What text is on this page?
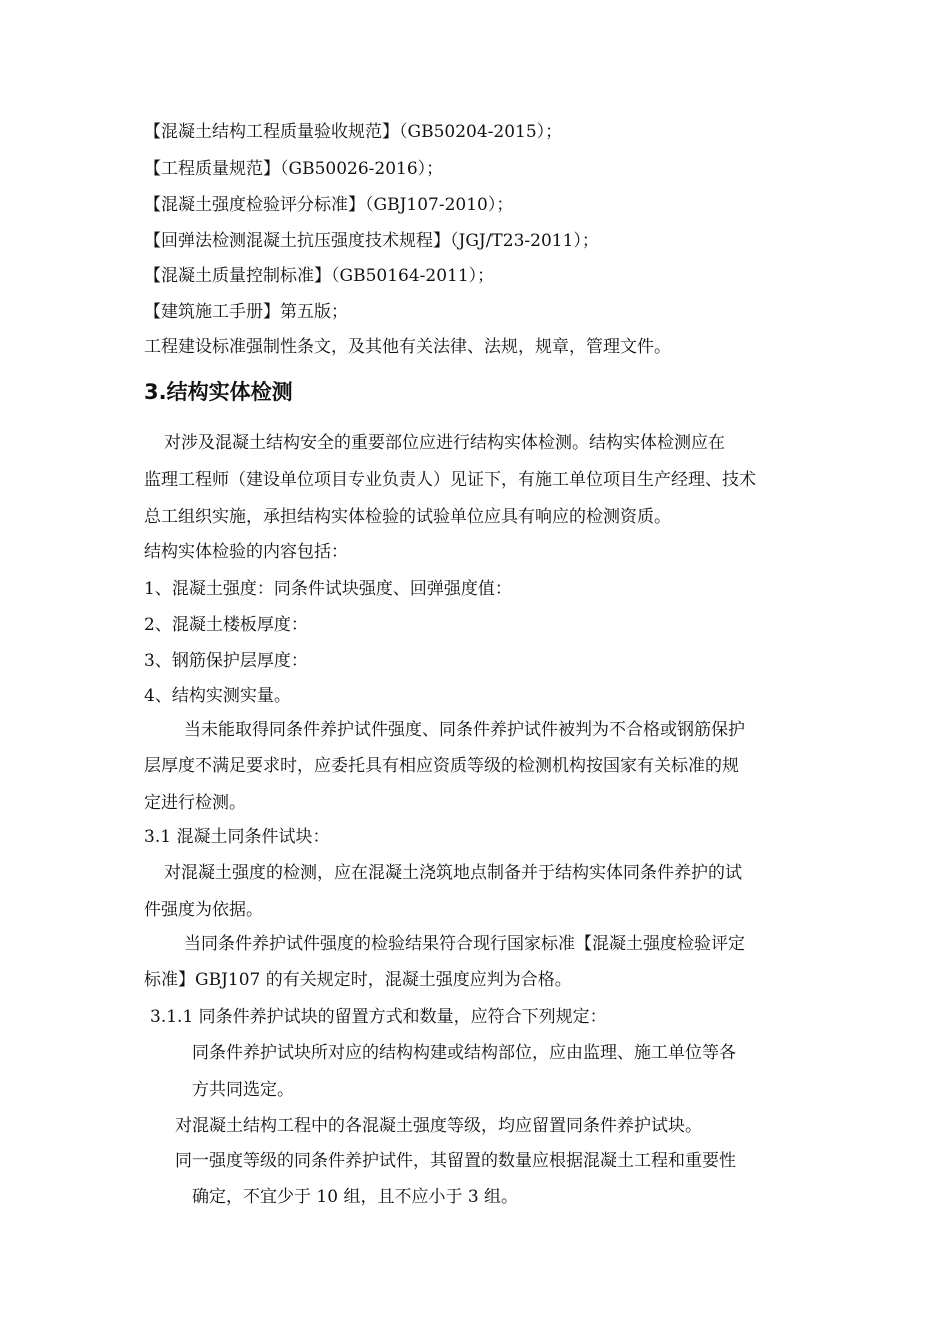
【混凝土结构工程质量验收规范】（GB50204-2015）；
【工程质量规范】（GB50026-2016）；
【混凝土强度检验评分标准】（GBJ107-2010）；
【回弹法检测混凝土抗压强度技术规程】（JGJ/T23-2011）；
【混凝土质量控制标准】（GB50164-2011）；
【建筑施工手册】第五版；
工程建设标准强制性条文，及其他有关法律、法规，规章，管理文件。
3.结构实体检测
对涉及混凝土结构安全的重要部位应进行结构实体检测。结构实体检测应在
监理工程师（建设单位项目专业负责人）见证下，有施工单位项目生产经理、技术
总工组织实施，承担结构实体检验的试验单位应具有响应的检测资质。
结构实体检验的内容包括：
1、混凝土强度：同条件试块强度、回弹强度值：
2、混凝土楼板厚度：
3、钢筋保护层厚度：
4、结构实测实量。
当未能取得同条件养护试件强度、同条件养护试件被判为不合格或钢筋保护
层厚度不满足要求时，应委托具有相应资质等级的检测机构按国家有关标准的规
定进行检测。
3.1 混凝土同条件试块：
对混凝土强度的检测，应在混凝土浇筑地点制备并于结构实体同条件养护的试
件强度为依据。
当同条件养护试件强度的检验结果符合现行国家标准【混凝土强度检验评定
标准】GBJ107 的有关规定时，混凝土强度应判为合格。
3.1.1 同条件养护试块的留置方式和数量，应符合下列规定：
同条件养护试块所对应的结构构建或结构部位，应由监理、施工单位等各
方共同选定。
对混凝土结构工程中的各混凝土强度等级，均应留置同条件养护试块。
同一强度等级的同条件养护试件，其留置的数量应根据混凝土工程和重要性
确定，不宜少于 10 组，且不应小于 3 组。
